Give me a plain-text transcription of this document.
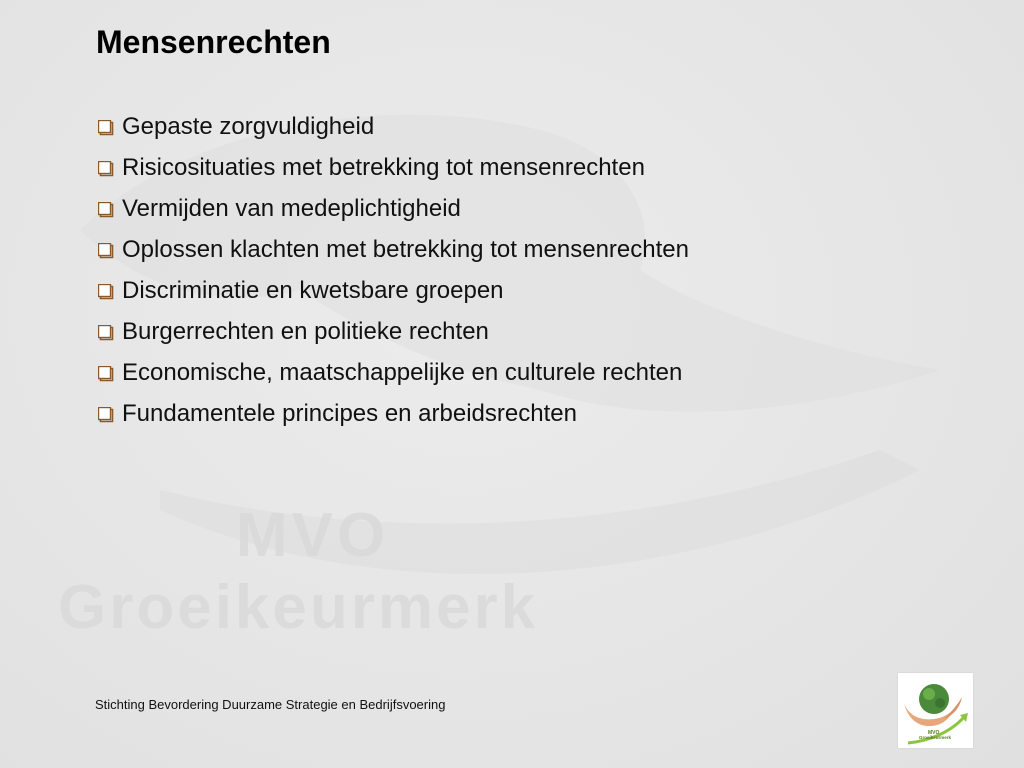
MVO
Groeikeurmerk
Mensenrechten
Gepaste zorgvuldigheid
Risicosituaties met betrekking tot mensenrechten
Vermijden van medeplichtigheid
Oplossen klachten met betrekking tot mensenrechten
Discriminatie en kwetsbare groepen
Burgerrechten en politieke rechten
Economische, maatschappelijke en culturele rechten
Fundamentele principes en arbeidsrechten
Stichting Bevordering Duurzame Strategie en Bedrijfsvoering
MVO
Groeikeurmerk
